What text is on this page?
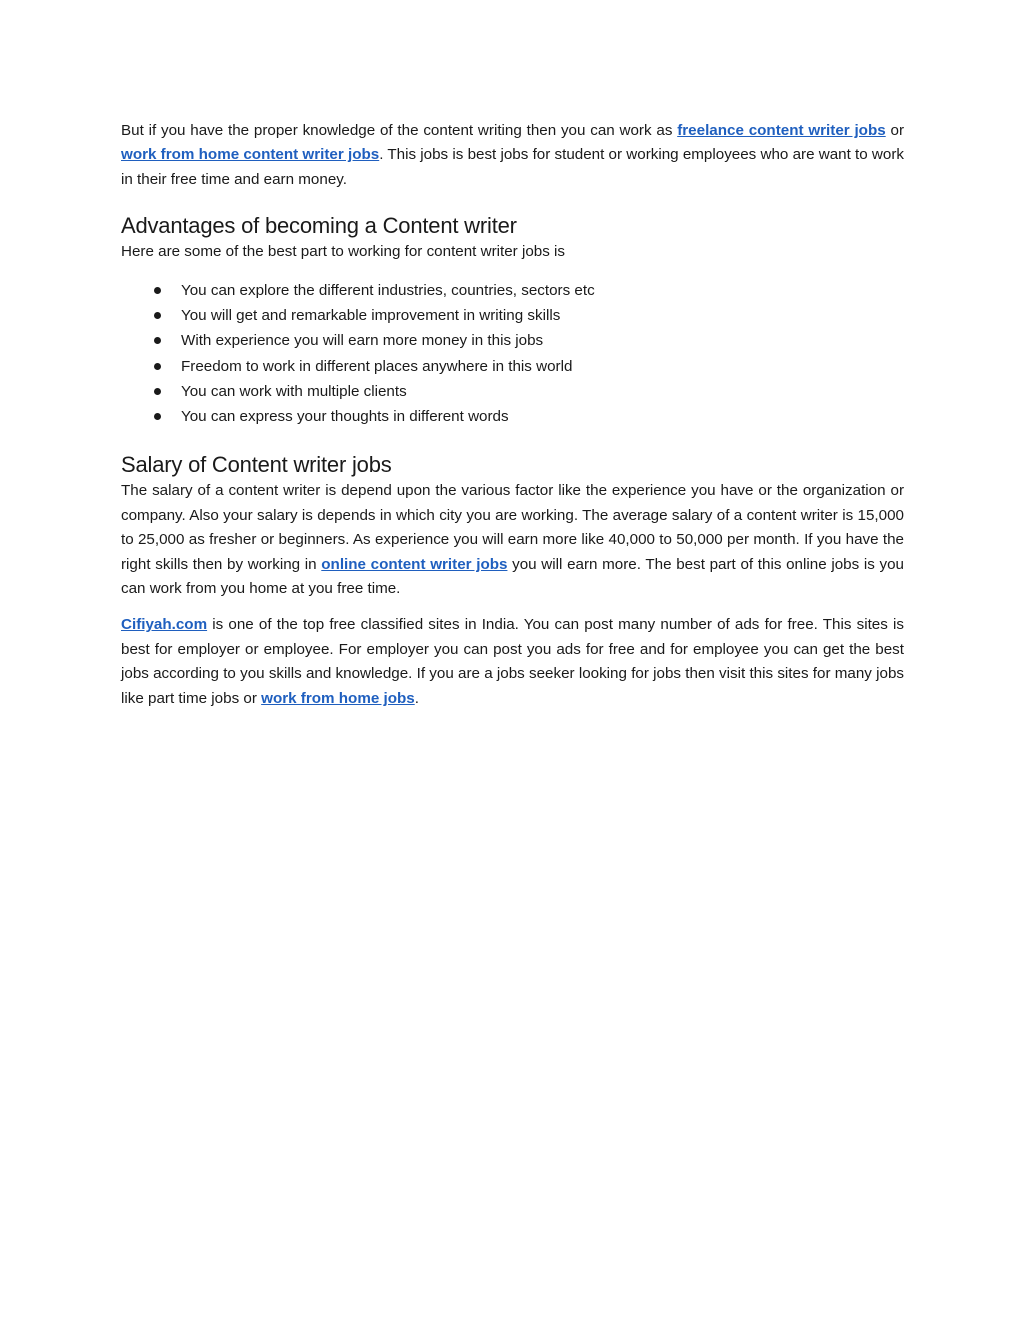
But if you have the proper knowledge of the content writing then you can work as freelance content writer jobs or work from home content writer jobs. This jobs is best jobs for student or working employees who are want to work in their free time and earn money.

Advantages of becoming a Content writer

Here are some of the best part to working for content writer jobs is

You can explore the different industries, countries, sectors etc
You will get and remarkable improvement in writing skills
With experience you will earn more money in this jobs
Freedom to work in different places anywhere in this world
You can work with multiple clients
You can express your thoughts in different words
Salary of Content writer jobs

The salary of a content writer is depend upon the various factor like the experience you have or the organization or company. Also your salary is depends in which city you are working. The average salary of a content writer is 15,000 to 25,000 as fresher or beginners. As experience you will earn more like 40,000 to 50,000 per month. If you have the right skills then by working in online content writer jobs you will earn more. The best part of this online jobs is you can work from you home at you free time.

Cifiyah.com is one of the top free classified sites in India. You can post many number of ads for free. This sites is best for employer or employee. For employer you can post you ads for free and for employee you can get the best jobs according to you skills and knowledge. If you are a jobs seeker looking for jobs then visit this sites for many jobs like part time jobs or work from home jobs.
